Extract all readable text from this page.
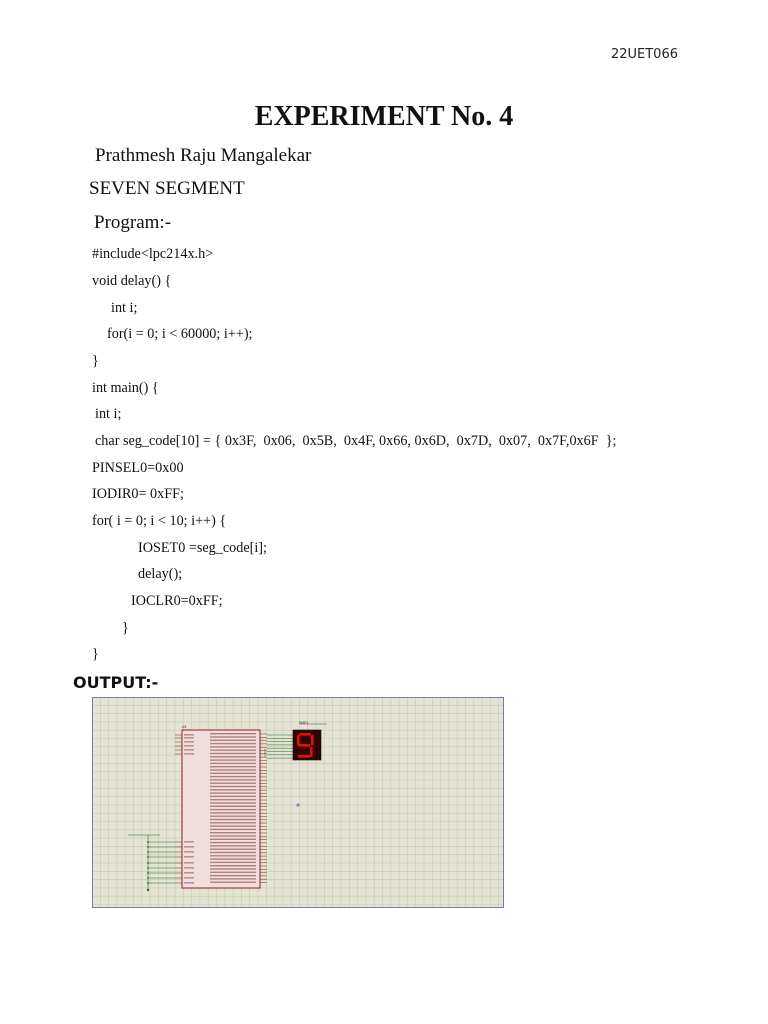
22UET066
EXPERIMENT No. 4
Prathmesh Raju Mangalekar
SEVEN SEGMENT
Program:-
#include<lpc214x.h>
void delay() {
int i;
for(i = 0; i < 60000; i++);
}
int main() {
int i;
char seg_code[10] = { 0x3F,  0x06,  0x5B,  0x4F, 0x66, 0x6D,  0x7D,  0x07,  0x7F,0x6F  };
PINSEL0=0x00
IODIR0= 0xFF;
for( i = 0; i < 10; i++) {
IOSET0 =seg_code[i];
delay();
IOCLR0=0xFF;
}
}
OUTPUT:-
U1
DISP1
